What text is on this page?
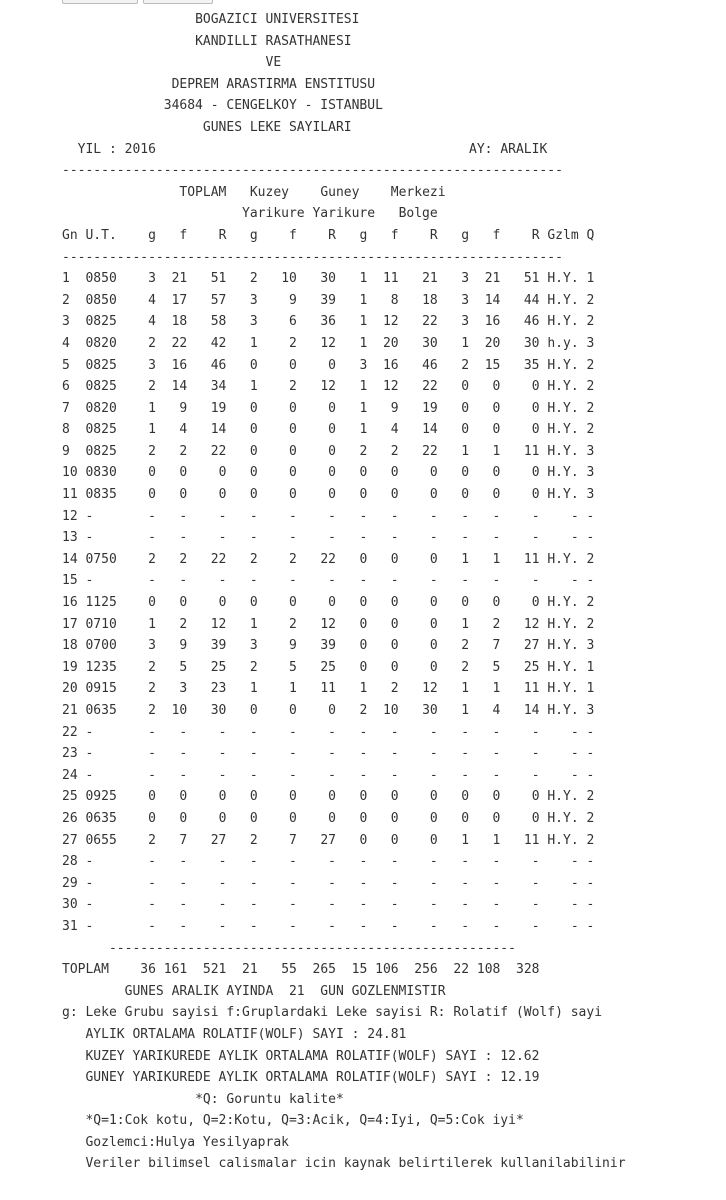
BOGAZICI UNIVERSITESI
KANDILLI RASATHANESI
VE
DEPREM ARASTIRMA ENSTITUSU
34684 - CENGELKOY - ISTANBUL
GUNES LEKE SAYILARI
YIL : 2016	AY: ARALIK
----------------------------------------------------------------
TOPLAM Kuzey Guney Merkezi
Yarikure Yarikure Bolge
Gn U.T. g f R g f R g f R g f R Gzlm Q
----------------------------------------------------------------
1 0850 3 21 51 2 10 30 1 11 21 3 21 51 H.Y. 1
2 0850 4 17 57 3 9 39 1 8 18 3 14 44 H.Y. 2
3 0825 4 18 58 3 6 36 1 12 22 3 16 46 H.Y. 2
4 0820 2 22 42 1 2 12 1 20 30 1 20 30 h.y. 3
5 0825 3 16 46 0 0 0 3 16 46 2 15 35 H.Y. 2
6 0825 2 14 34 1 2 12 1 12 22 0 0 0 H.Y. 2
7 0820 1 9 19 0 0 0 1 9 19 0 0 0 H.Y. 2
8 0825 1 4 14 0 0 0 1 4 14 0 0 0 H.Y. 2
9 0825 2 2 22 0 0 0 2 2 22 1 1 11 H.Y. 3
10 0830 0 0 0 0 0 0 0 0 0 0 0 0 H.Y. 3
11 0835 0 0 0 0 0 0 0 0 0 0 0 0 H.Y. 3
12 -	- - - - - - - - - - - - - -
13 -	- - - - - - - - - - - - - -
14 0750 2 2 22 2 2 22 0 0 0 1 1 11 H.Y. 2
15 -	- - - - - - - - - - - - - -
16 1125 0 0 0 0 0 0 0 0 0 0 0 0 H.Y. 2
17 0710 1 2 12 1 2 12 0 0 0 1 2 12 H.Y. 2
18 0700 3 9 39 3 9 39 0 0 0 2 7 27 H.Y. 3
19 1235 2 5 25 2 5 25 0 0 0 2 5 25 H.Y. 1
20 0915 2 3 23 1 1 11 1 2 12 1 1 11 H.Y. 1
21 0635 2 10 30 0 0 0 2 10 30 1 4 14 H.Y. 3
22 -	- - - - - - - - - - - - - -
23 -	- - - - - - - - - - - - - -
24 -	- - - - - - - - - - - - - -
25 0925 0 0 0 0 0 0 0 0 0 0 0 0 H.Y. 2
26 0635 0 0 0 0 0 0 0 0 0 0 0 0 H.Y. 2
27 0655 2 7 27 2 7 27 0 0 0 1 1 11 H.Y. 2
28 -	- - - - - - - - - - - - - -
29 -	- - - - - - - - - - - - - -
30 -	- - - - - - - - - - - - - -
31 -	- - - - - - - - - - - - - -
----------------------------------------------------
TOPLAM 36 161 521 21 55 265 15 106 256 22 108 328
GUNES ARALIK AYINDA  21  GUN GOZLENMISTIR
g: Leke Grubu sayisi f:Gruplardaki Leke sayisi R: Rolatif (Wolf) sayi
AYLIK ORTALAMA ROLATIF(WOLF) SAYI : 24.81
KUZEY YARIKUREDE AYLIK ORTALAMA ROLATIF(WOLF) SAYI : 12.62
GUNEY YARIKUREDE AYLIK ORTALAMA ROLATIF(WOLF) SAYI : 12.19
*Q: Goruntu kalite*
*Q=1:Cok kotu, Q=2:Kotu, Q=3:Acik, Q=4:Iyi, Q=5:Cok iyi*
Gozlemci:Hulya Yesilyaprak
Veriler bilimsel calismalar icin kaynak belirtilerek kullanilabilinir
